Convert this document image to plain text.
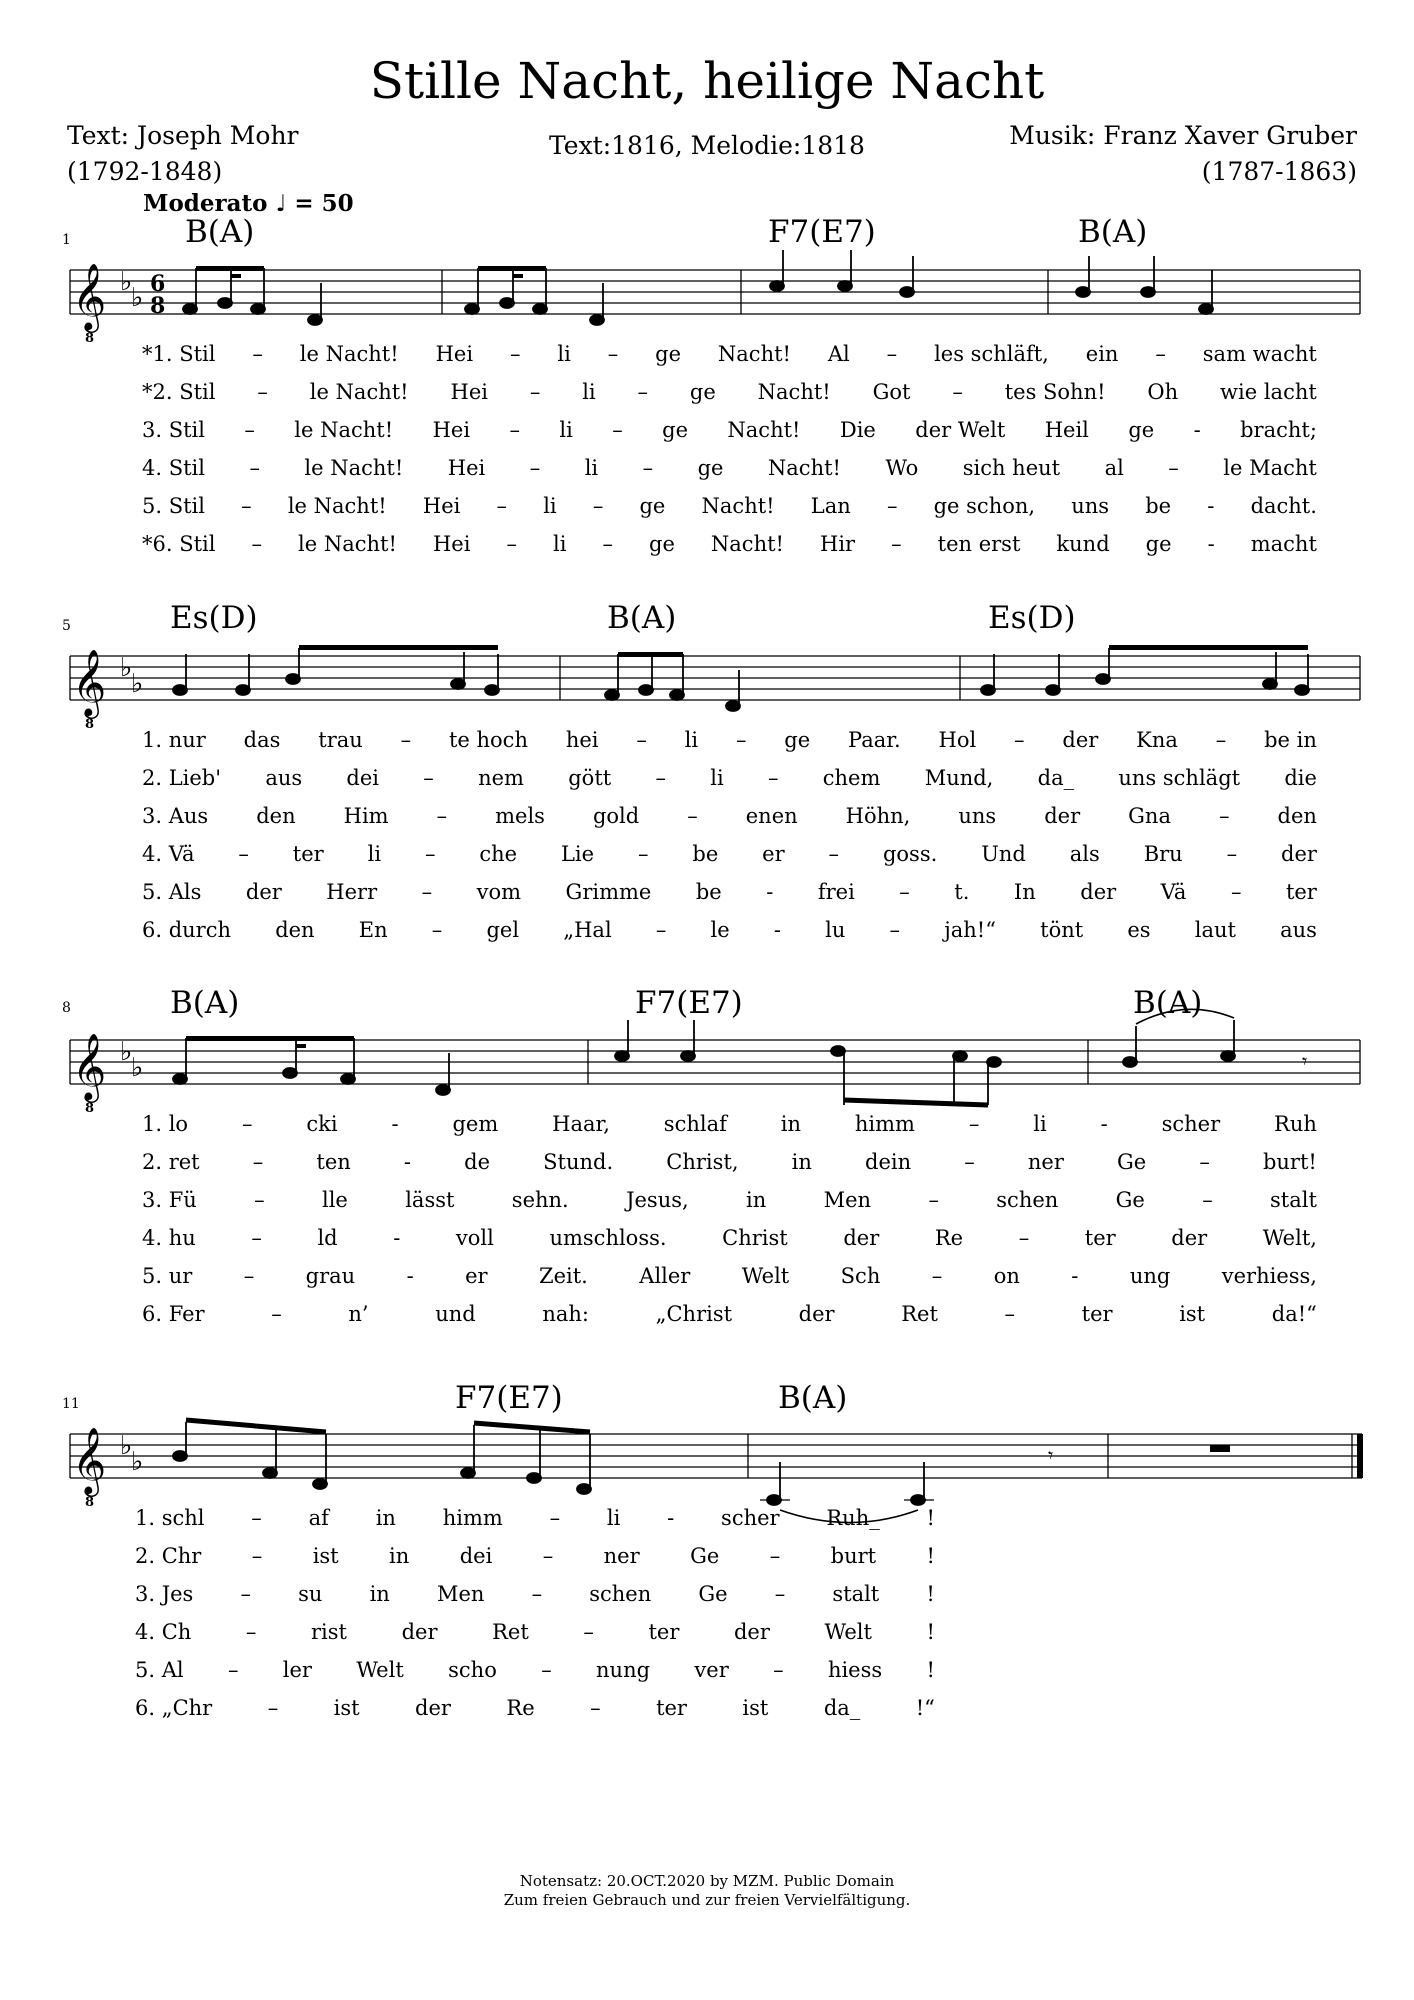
Stille Nacht, heilige Nacht
Text: Joseph Mohr
(1792-1848)
Text:1816, Melodie:1818	Musik: Franz Xaver Gruber
(1787-1863)
Moderato ♩ = 50
1	B(A)	F7(E7)	B(A)
𝄞
8
♭
♭ 6
8
*1. Stil – le Nacht! Hei – li – ge Nacht! Al – les schläft, ein – sam wacht
*2. Stil – le Nacht! Hei – li – ge Nacht! Got – tes Sohn! Oh wie lacht
3. Stil – le Nacht! Hei – li – ge Nacht! Die der Welt Heil ge - bracht;
4. Stil – le Nacht! Hei – li – ge Nacht! Wo sich heut al – le Macht
5. Stil – le Nacht! Hei – li – ge Nacht! Lan – ge schon, uns be - dacht.
*6. Stil – le Nacht! Hei – li – ge Nacht! Hir – ten erst kund ge - macht
1. nur das trau – te hoch hei – li – ge Paar. Hol – der Kna – be in
2. Lieb' aus dei – nem gött – li – chem Mund, da_ uns schlägt die
3. Aus den Him – mels gold – enen Höhn, uns der Gna – den
4. Vä – ter li – che Lie – be er – goss. Und als Bru – der
5. Als der Herr – vom Grimme be - frei – t. In der Vä – ter
6. durch den En – gel „Hal – le - lu – jah!“ tönt es laut aus
1. lo	–	cki	-	gem	Haar,	schlaf	in	himm	–	li	-	scher	Ruh
2. ret	–	ten	-	de	Stund.	Christ,	in	dein	–	ner	Ge	–	burt!
3. Fü	–	lle	lässt	sehn.	Jesus,	in	Men	–	schen	Ge	–	stalt
4. hu	–	ld	-	voll	umschloss.	Christ	der	Re	–	ter	der	Welt,
5. ur – grau - er Zeit. Aller Welt Sch – on - ung verhiess,
6. Fer	–	n’	und	nah:	„Christ	der	Ret	–	ter	ist	da!“
1. schl – af in himm – li - scher Ruh_ !
2. Chr – ist in dei – ner Ge – burt !
3. Jes – su in Men – schen Ge – stalt !
4. Ch	–	rist	der	Ret	–	ter	der	Welt	!
5. Al – ler Welt scho – nung ver – hiess !
6. „Chr	–	ist	der	Re	–	ter	ist	da_	!“
5	Es(D)	B(A)	Es(D)
𝄞
8
♭
♭
8	B(A)	F7(E7)	B(A)
𝄞
8
♭
♭	𝄾
11	F7(E7)	B(A)
𝄞
8
♭
♭	𝄾
Notensatz: 20.OCT.2020 by MZM. Public Domain
Zum freien Gebrauch und zur freien Vervielfältigung.
